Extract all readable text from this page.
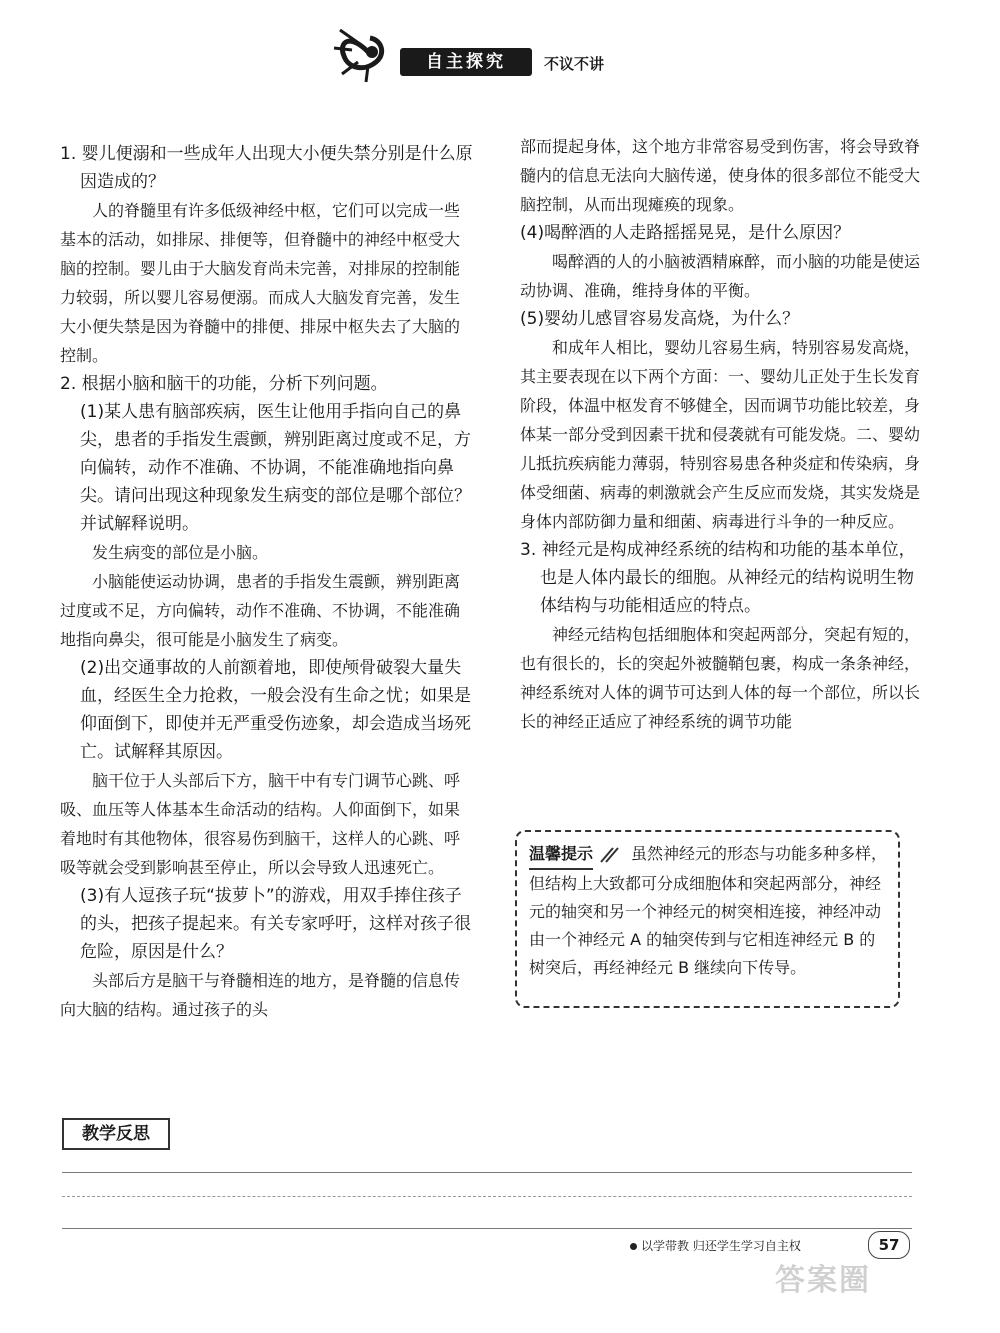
自主探究	不议不讲

1. 婴儿便溺和一些成年人出现大小便失禁分别是什么原因造成的？

人的脊髓里有许多低级神经中枢，它们可以完成一些基本的活动，如排尿、排便等，但脊髓中的神经中枢受大脑的控制。婴儿由于大脑发育尚未完善，对排尿的控制能力较弱，所以婴儿容易便溺。而成人大脑发育完善，发生大小便失禁是因为脊髓中的排便、排尿中枢失去了大脑的控制。

2. 根据小脑和脑干的功能，分析下列问题。

(1)某人患有脑部疾病，医生让他用手指向自己的鼻尖，患者的手指发生震颤，辨别距离过度或不足，方向偏转，动作不准确、不协调，不能准确地指向鼻尖。请问出现这种现象发生病变的部位是哪个部位？并试解释说明。

发生病变的部位是小脑。

小脑能使运动协调，患者的手指发生震颤，辨别距离过度或不足，方向偏转，动作不准确、不协调，不能准确地指向鼻尖，很可能是小脑发生了病变。

(2)出交通事故的人前额着地，即使颅骨破裂大量失血，经医生全力抢救，一般会没有生命之忧；如果是仰面倒下，即使并无严重受伤迹象，却会造成当场死亡。试解释其原因。

脑干位于人头部后下方，脑干中有专门调节心跳、呼吸、血压等人体基本生命活动的结构。人仰面倒下，如果着地时有其他物体，很容易伤到脑干，这样人的心跳、呼吸等就会受到影响甚至停止，所以会导致人迅速死亡。

(3)有人逗孩子玩“拔萝卜”的游戏，用双手捧住孩子的头，把孩子提起来。有关专家呼吁，这样对孩子很危险，原因是什么？

头部后方是脑干与脊髓相连的地方，是脊髓的信息传向大脑的结构。通过孩子的头

部而提起身体，这个地方非常容易受到伤害，将会导致脊髓内的信息无法向大脑传递，使身体的很多部位不能受大脑控制，从而出现瘫痪的现象。

(4)喝醉酒的人走路摇摇晃晃，是什么原因？

喝醉酒的人的小脑被酒精麻醉，而小脑的功能是使运动协调、准确，维持身体的平衡。

(5)婴幼儿感冒容易发高烧，为什么？

和成年人相比，婴幼儿容易生病，特别容易发高烧，其主要表现在以下两个方面：一、婴幼儿正处于生长发育阶段，体温中枢发育不够健全，因而调节功能比较差，身体某一部分受到因素干扰和侵袭就有可能发烧。二、婴幼儿抵抗疾病能力薄弱，特别容易患各种炎症和传染病，身体受细菌、病毒的刺激就会产生反应而发烧，其实发烧是身体内部防御力量和细菌、病毒进行斗争的一种反应。

3. 神经元是构成神经系统的结构和功能的基本单位，也是人体内最长的细胞。从神经元的结构说明生物体结构与功能相适应的特点。

神经元结构包括细胞体和突起两部分，突起有短的，也有很长的，长的突起外被髓鞘包裹，构成一条条神经，神经系统对人体的调节可达到人体的每一个部位，所以长长的神经正适应了神经系统的调节功能

温馨提示 虽然神经元的形态与功能多种多样，但结构上大致都可分成细胞体和突起两部分，神经元的轴突和另一个神经元的树突相连接，神经冲动由一个神经元 A 的轴突传到与它相连神经元 B 的树突后，再经神经元 B 继续向下传导。
教学反思
以学带教 归还学生学习自主权	57
答案圈
